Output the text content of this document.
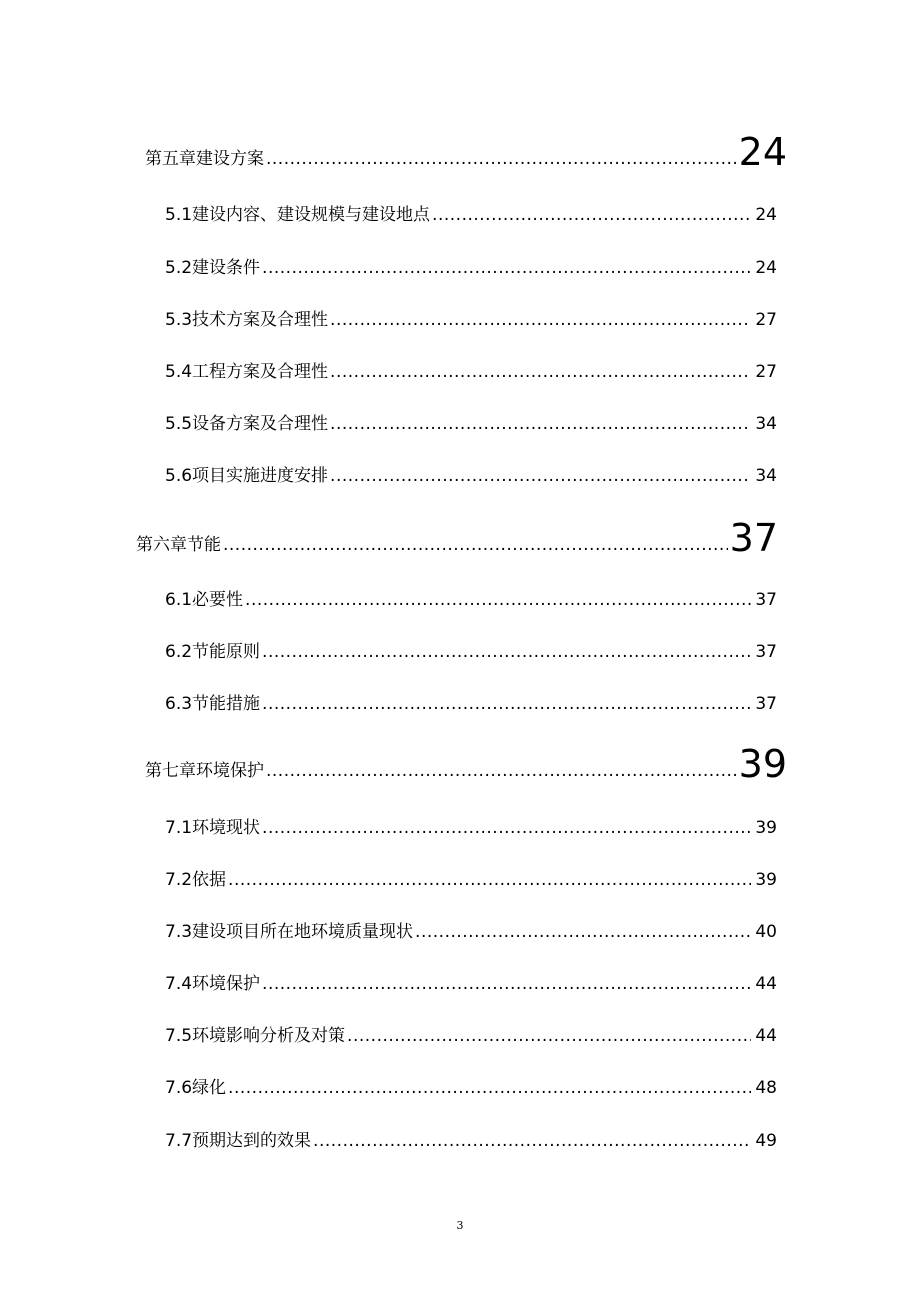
第五章建设方案 .....	24
5.1建设内容、建设规模与建设地点 .....	24
5.2建设条件 .....	24
5.3技术方案及合理性 .....	27
5.4工程方案及合理性 .....	27
5.5设备方案及合理性 .....	34
5.6项目实施进度安排 .....	34
第六章节能 .....	37
6.1必要性 .....	37
6.2节能原则 .....	37
6.3节能措施 .....	37
第七章环境保护 .....	39
7.1环境现状 .....	39
7.2依据 .....	39
7.3建设项目所在地环境质量现状 .....	40
7.4环境保护 .....	44
7.5环境影响分析及对策 .....	44
7.6绿化 .....	48
7.7预期达到的效果 .....	49
3
